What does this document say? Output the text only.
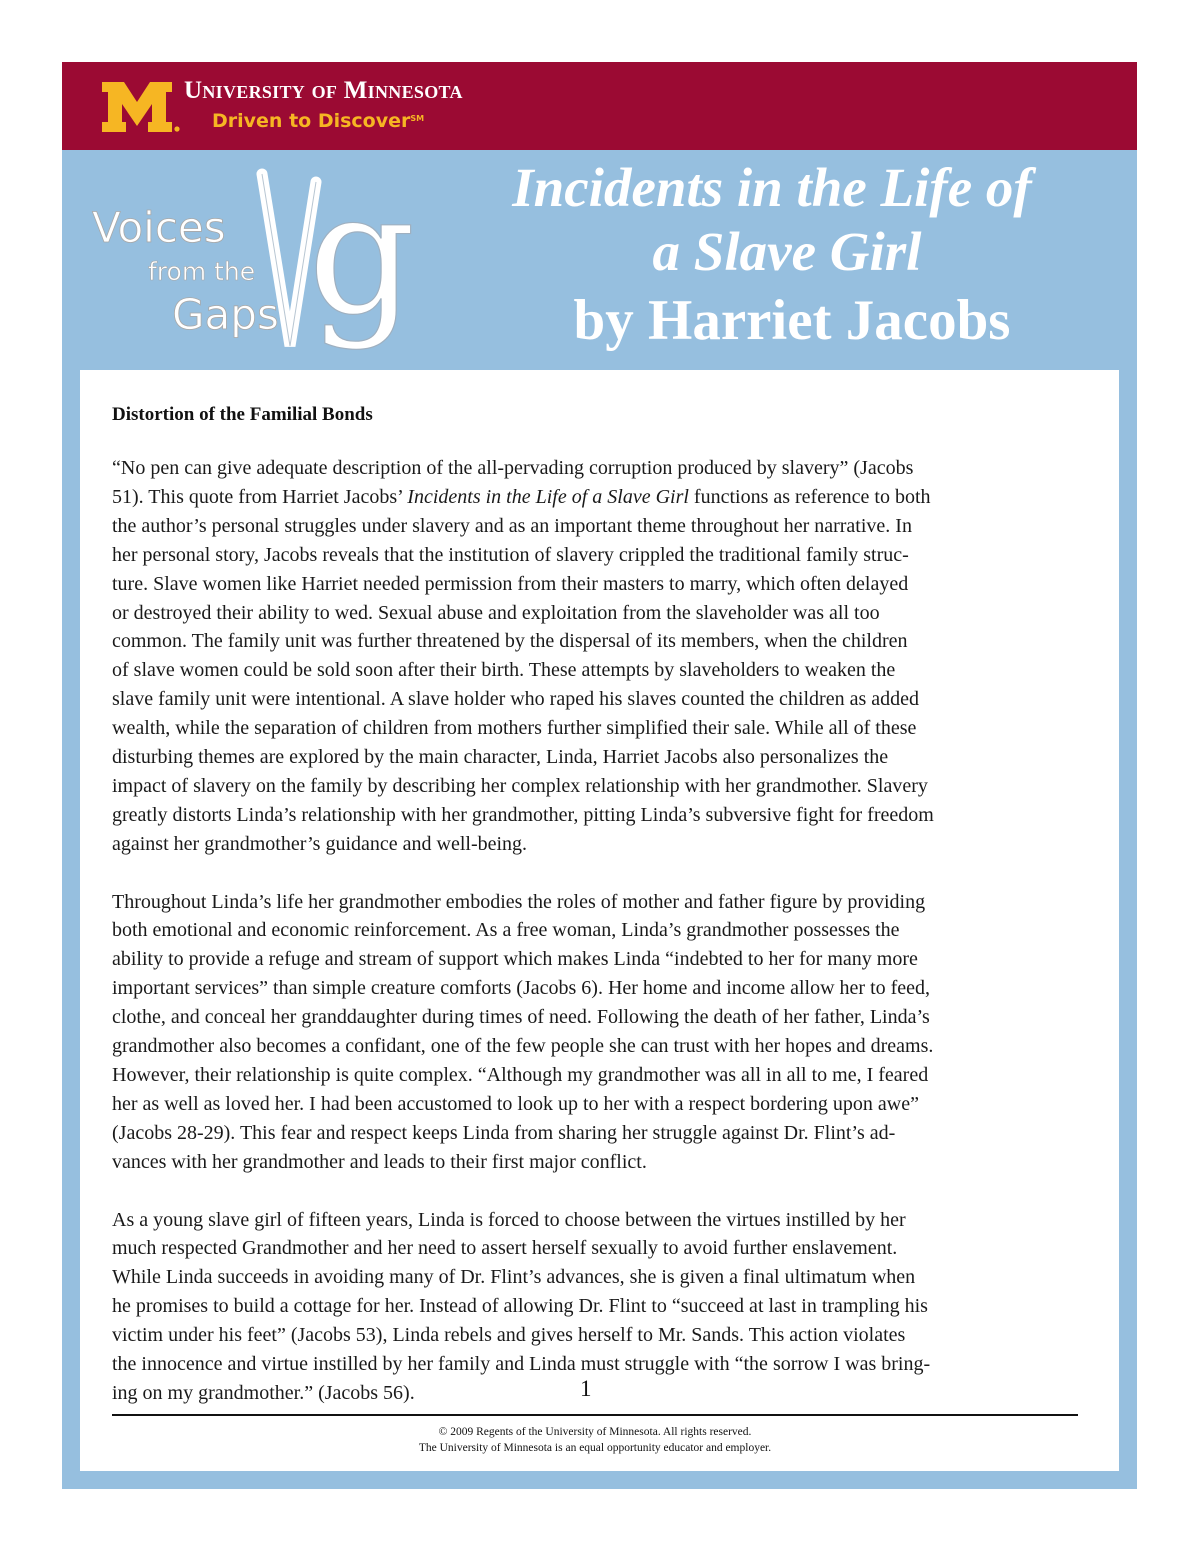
University of Minnesota
Driven to Discover℠
Voices
from the
Gaps g	Incidents in the Life of
a Slave Girl
by Harriet Jacobs
Distortion of the Familial Bonds

“No pen can give adequate description of the all-pervading corruption produced by slavery” (Jacobs
51). This quote from Harriet Jacobs’ Incidents in the Life of a Slave Girl functions as reference to both
the author’s personal struggles under slavery and as an important theme throughout her narrative. In
her personal story, Jacobs reveals that the institution of slavery crippled the traditional family struc-
ture. Slave women like Harriet needed permission from their masters to marry, which often delayed
or destroyed their ability to wed. Sexual abuse and exploitation from the slaveholder was all too
common. The family unit was further threatened by the dispersal of its members, when the children
of slave women could be sold soon after their birth. These attempts by slaveholders to weaken the
slave family unit were intentional. A slave holder who raped his slaves counted the children as added
wealth, while the separation of children from mothers further simplified their sale. While all of these
disturbing themes are explored by the main character, Linda, Harriet Jacobs also personalizes the
impact of slavery on the family by describing her complex relationship with her grandmother. Slavery
greatly distorts Linda’s relationship with her grandmother, pitting Linda’s subversive fight for freedom
against her grandmother’s guidance and well-being.

Throughout Linda’s life her grandmother embodies the roles of mother and father figure by providing
both emotional and economic reinforcement. As a free woman, Linda’s grandmother possesses the
ability to provide a refuge and stream of support which makes Linda “indebted to her for many more
important services” than simple creature comforts (Jacobs 6). Her home and income allow her to feed,
clothe, and conceal her granddaughter during times of need. Following the death of her father, Linda’s
grandmother also becomes a confidant, one of the few people she can trust with her hopes and dreams.
However, their relationship is quite complex. “Although my grandmother was all in all to me, I feared
her as well as loved her. I had been accustomed to look up to her with a respect bordering upon awe”
(Jacobs 28-29). This fear and respect keeps Linda from sharing her struggle against Dr. Flint’s ad-
vances with her grandmother and leads to their first major conflict.

As a young slave girl of fifteen years, Linda is forced to choose between the virtues instilled by her
much respected Grandmother and her need to assert herself sexually to avoid further enslavement.
While Linda succeeds in avoiding many of Dr. Flint’s advances, she is given a final ultimatum when
he promises to build a cottage for her. Instead of allowing Dr. Flint to “succeed at last in trampling his
victim under his feet” (Jacobs 53), Linda rebels and gives herself to Mr. Sands. This action violates
the innocence and virtue instilled by her family and Linda must struggle with “the sorrow I was bring-
ing on my grandmother.” (Jacobs 56).	1
© 2009 Regents of the University of Minnesota. All rights reserved.
The University of Minnesota is an equal opportunity educator and employer.
